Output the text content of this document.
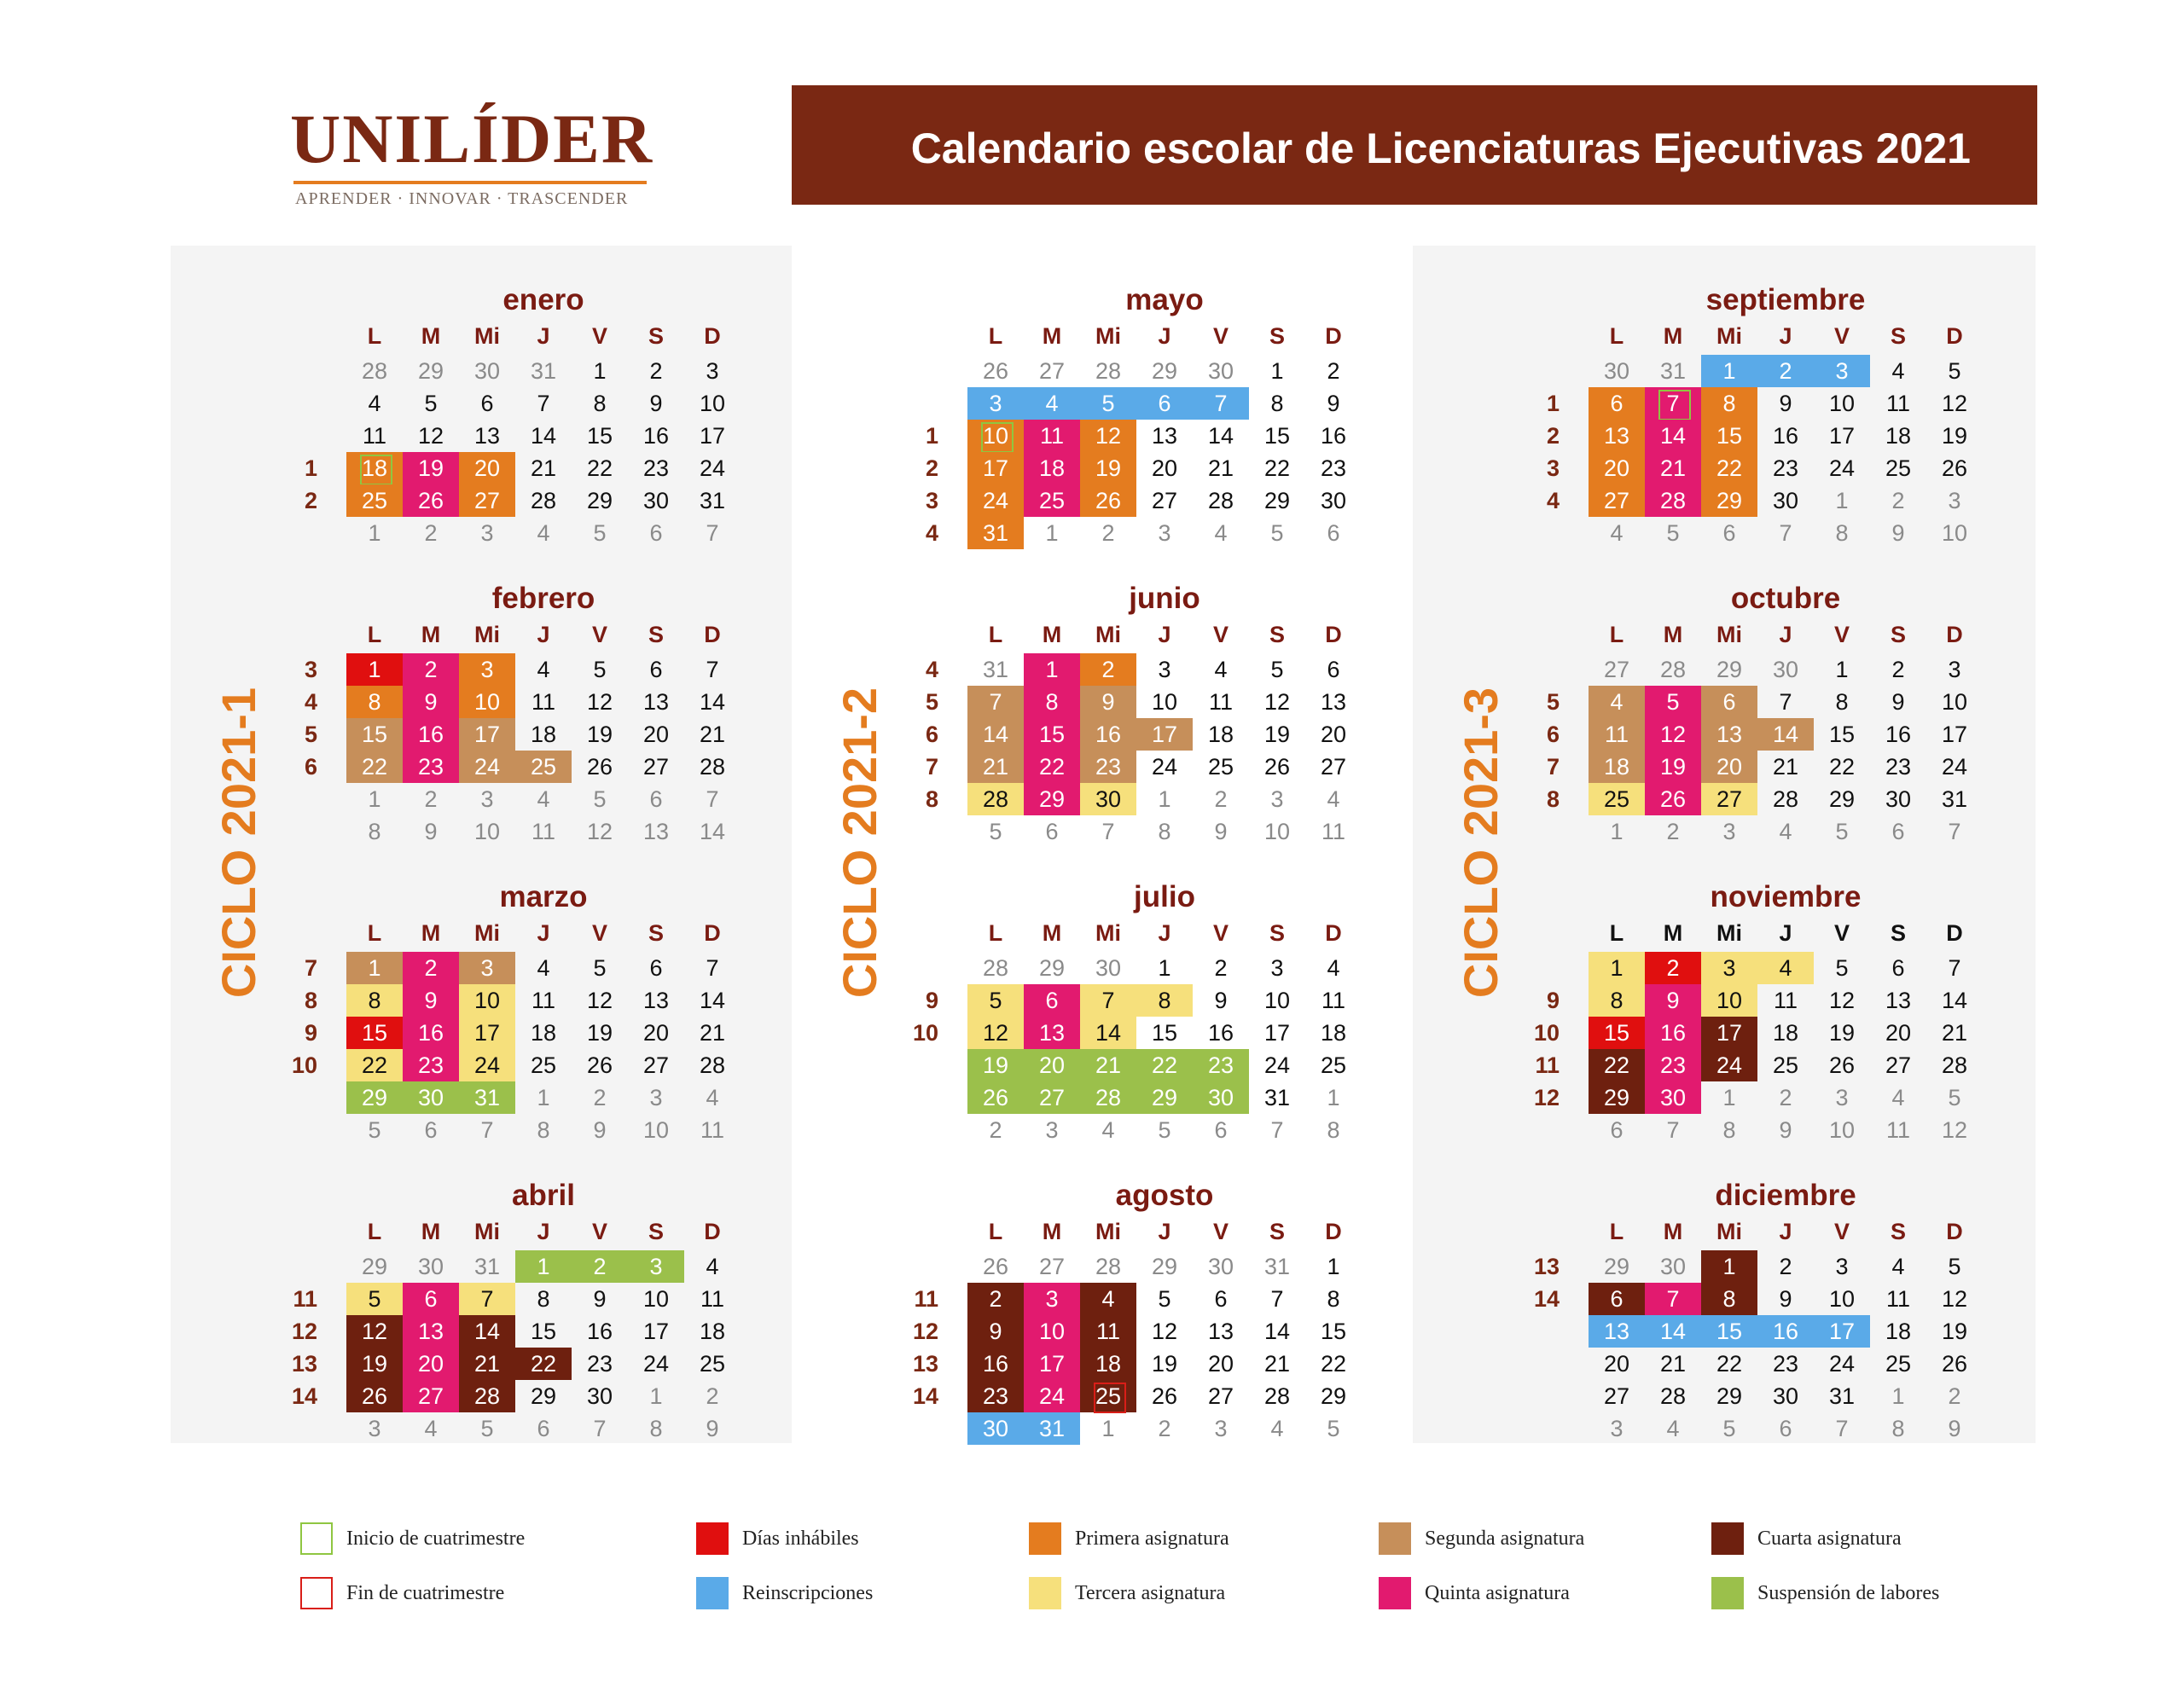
UNILÍDER
APRENDER · INNOVAR · TRASCENDER
Calendario escolar de Licenciaturas Ejecutivas 2021
CICLO 2021-1
enero
L	M	Mi	J	V	S	D
28	29	30	31	1	2	3
4	5	6	7	8	9	10
11	12	13	14	15	16	17
1	18	19	20	21	22	23	24
2	25	26	27	28	29	30	31
1	2	3	4	5	6	7
febrero
L	M	Mi	J	V	S	D
3	1	2	3	4	5	6	7
4	8	9	10	11	12	13	14
5	15	16	17	18	19	20	21
6	22	23	24	25	26	27	28
1	2	3	4	5	6	7
8	9	10	11	12	13	14
marzo
L	M	Mi	J	V	S	D
7	1	2	3	4	5	6	7
8	8	9	10	11	12	13	14
9	15	16	17	18	19	20	21
10	22	23	24	25	26	27	28
29	30	31	1	2	3	4
5	6	7	8	9	10	11
abril
L	M	Mi	J	V	S	D
29	30	31	1	2	3	4
11	5	6	7	8	9	10	11
12	12	13	14	15	16	17	18
13	19	20	21	22	23	24	25
14	26	27	28	29	30	1	2
3	4	5	6	7	8	9
CICLO 2021-2
mayo
L	M	Mi	J	V	S	D
26	27	28	29	30	1	2
3	4	5	6	7	8	9
1	10	11	12	13	14	15	16
2	17	18	19	20	21	22	23
3	24	25	26	27	28	29	30
4	31	1	2	3	4	5	6
junio
L	M	Mi	J	V	S	D
4	31	1	2	3	4	5	6
5	7	8	9	10	11	12	13
6	14	15	16	17	18	19	20
7	21	22	23	24	25	26	27
8	28	29	30	1	2	3	4
5	6	7	8	9	10	11
julio
L	M	Mi	J	V	S	D
28	29	30	1	2	3	4
9	5	6	7	8	9	10	11
10	12	13	14	15	16	17	18
19	20	21	22	23	24	25
26	27	28	29	30	31	1
2	3	4	5	6	7	8
agosto
L	M	Mi	J	V	S	D
26	27	28	29	30	31	1
11	2	3	4	5	6	7	8
12	9	10	11	12	13	14	15
13	16	17	18	19	20	21	22
14	23	24	25	26	27	28	29
30	31	1	2	3	4	5
CICLO 2021-3
septiembre
L	M	Mi	J	V	S	D
30	31	1	2	3	4	5
1	6	7	8	9	10	11	12
2	13	14	15	16	17	18	19
3	20	21	22	23	24	25	26
4	27	28	29	30	1	2	3
4	5	6	7	8	9	10
octubre
L	M	Mi	J	V	S	D
27	28	29	30	1	2	3
5	4	5	6	7	8	9	10
6	11	12	13	14	15	16	17
7	18	19	20	21	22	23	24
8	25	26	27	28	29	30	31
1	2	3	4	5	6	7
noviembre
L	M	Mi	J	V	S	D
1	2	3	4	5	6	7
9	8	9	10	11	12	13	14
10	15	16	17	18	19	20	21
11	22	23	24	25	26	27	28
12	29	30	1	2	3	4	5
6	7	8	9	10	11	12
diciembre
L	M	Mi	J	V	S	D
13	29	30	1	2	3	4	5
14	6	7	8	9	10	11	12
13	14	15	16	17	18	19
20	21	22	23	24	25	26
27	28	29	30	31	1	2
3	4	5	6	7	8	9
Inicio de cuatrimestre
Fin de cuatrimestre
Días inhábiles
Reinscripciones
Primera asignatura
Tercera asignatura
Segunda asignatura
Quinta asignatura
Cuarta asignatura
Suspensión de labores
